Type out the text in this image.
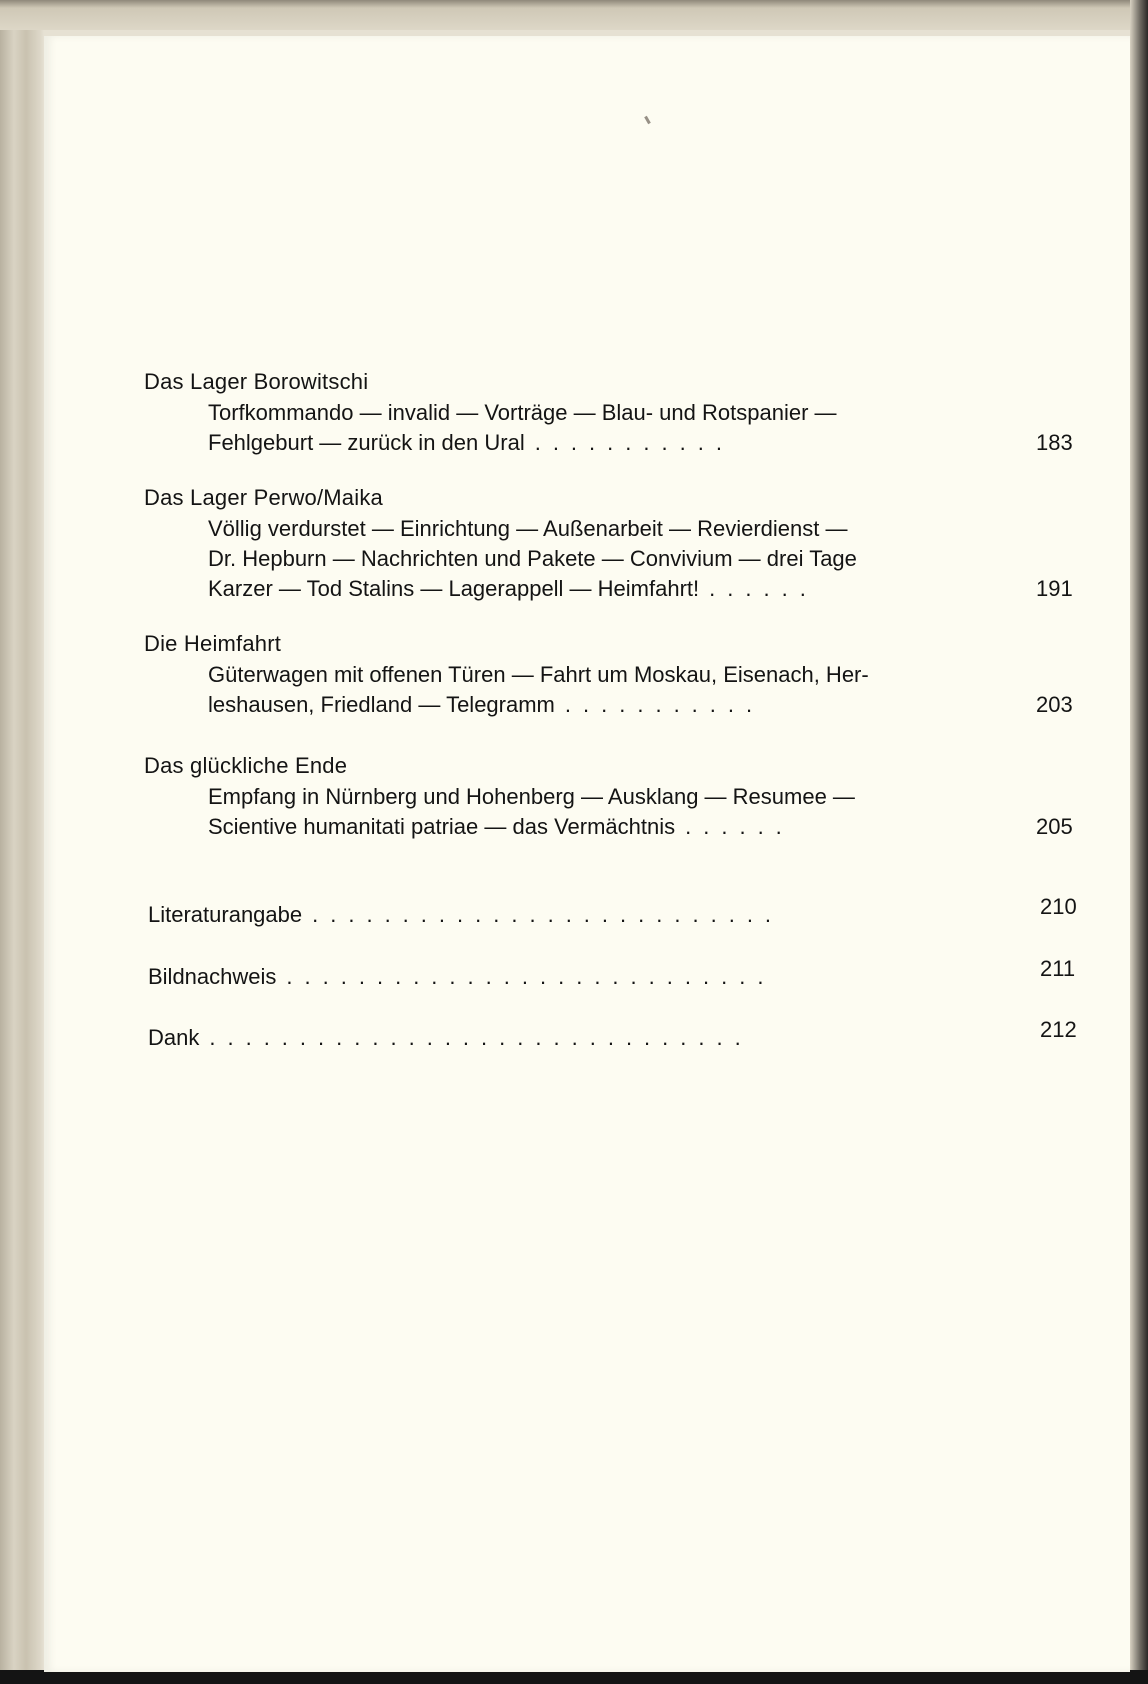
Das Lager Borowitschi
Torfkommando — invalid — Vorträge — Blau- und Rotspanier —
Fehlgeburt — zurück in den Ural ...........	183
Das Lager Perwo/Maika
Völlig verdurstet — Einrichtung — Außenarbeit — Revierdienst —
Dr. Hepburn — Nachrichten und Pakete — Convivium — drei Tage
Karzer — Tod Stalins — Lagerappell — Heimfahrt! ......	191
Die Heimfahrt
Güterwagen mit offenen Türen — Fahrt um Moskau, Eisenach, Her-
leshausen, Friedland — Telegramm ...........	203
Das glückliche Ende
Empfang in Nürnberg und Hohenberg — Ausklang — Resumee —
Scientive humanitati patriae — das Vermächtnis ......	205
Literaturangabe ..........................	210
Bildnachweis ...........................	211
Dank ..............................	212
